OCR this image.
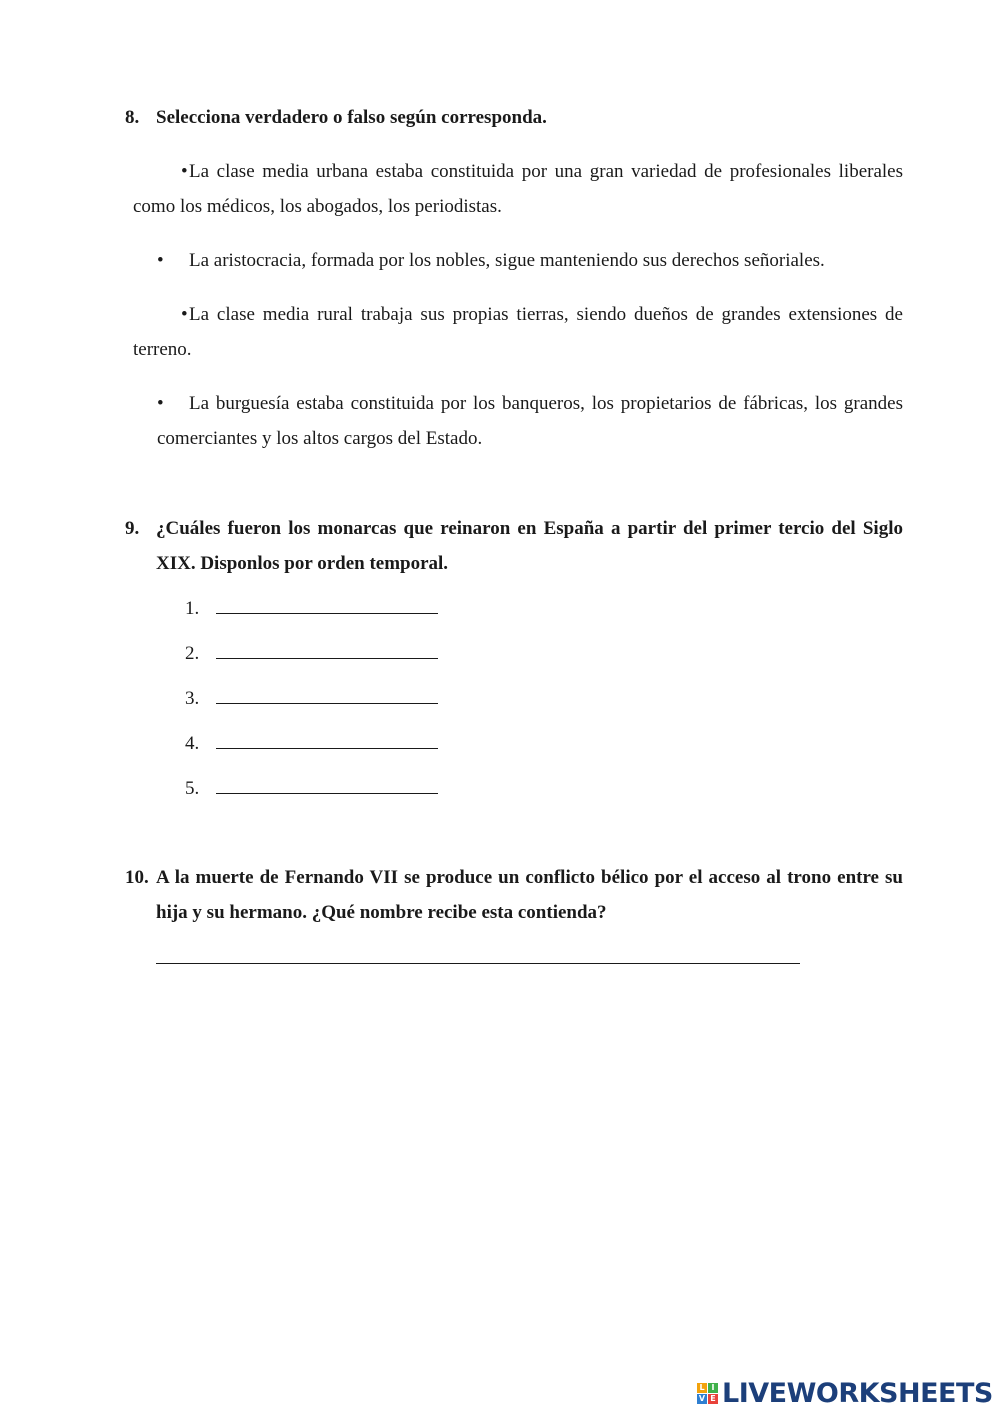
8. Selecciona verdadero o falso según corresponda.
•La clase media urbana estaba constituida por una gran variedad de profesionales liberales como los médicos, los abogados, los periodistas.
• La aristocracia, formada por los nobles, sigue manteniendo sus derechos señoriales.
•La clase media rural trabaja sus propias tierras, siendo dueños de grandes extensiones de terreno.
• La burguesía estaba constituida por los banqueros, los propietarios de fábricas, los grandes comerciantes y los altos cargos del Estado.
9. ¿Cuáles fueron los monarcas que reinaron en España a partir del primer tercio del Siglo XIX. Disponlos por orden temporal.
1.
2.
3.
4.
5.
10. A la muerte de Fernando VII se produce un conflicto bélico por el acceso al trono entre su hija y su hermano. ¿Qué nombre recibe esta contienda?
L I
V E LIVEWORKSHEETS
